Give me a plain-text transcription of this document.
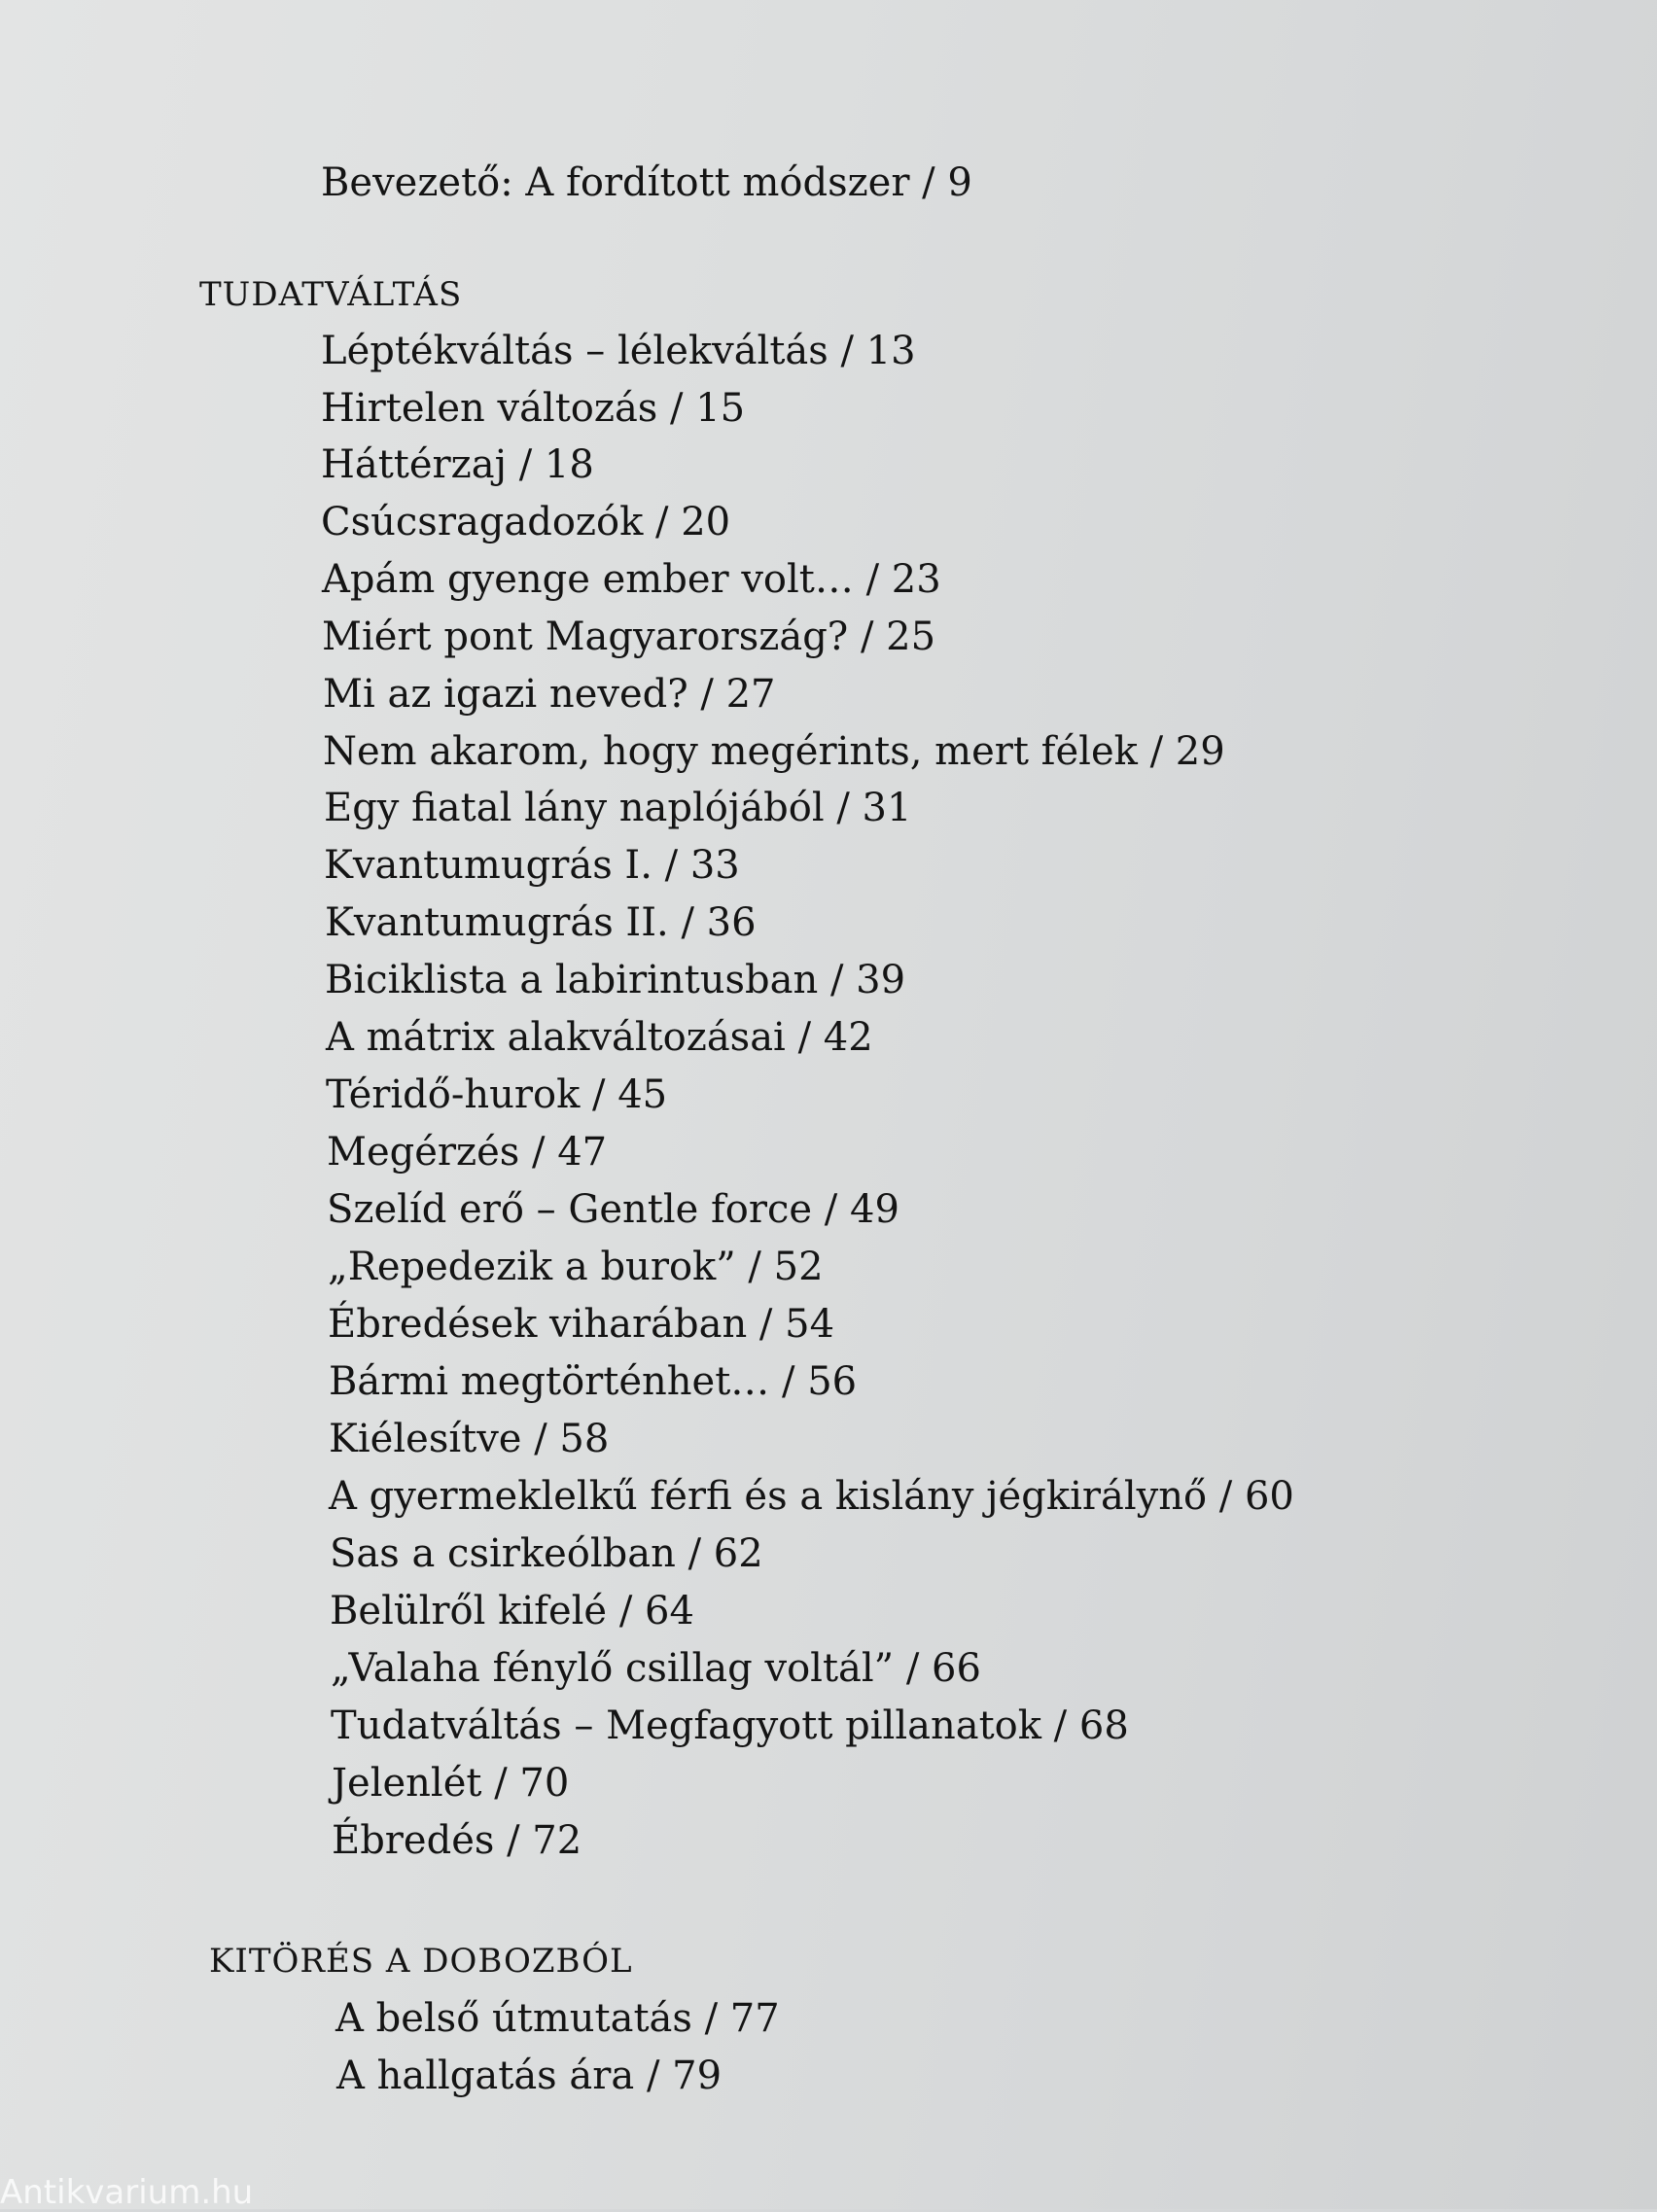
Bevezető: A fordított módszer / 9
TUDATVÁLTÁS
Léptékváltás – lélekváltás / 13
Hirtelen változás / 15
Háttérzaj / 18
Csúcsragadozók / 20
Apám gyenge ember volt… / 23
Miért pont Magyarország? / 25
Mi az igazi neved? / 27
Nem akarom, hogy megérints, mert félek / 29
Egy fiatal lány naplójából / 31
Kvantumugrás I. / 33
Kvantumugrás II. / 36
Biciklista a labirintusban / 39
A mátrix alakváltozásai / 42
Téridő-hurok / 45
Megérzés / 47
Szelíd erő – Gentle force / 49
„Repedezik a burok” / 52
Ébredések viharában / 54
Bármi megtörténhet… / 56
Kiélesítve / 58
A gyermeklelkű férfi és a kislány jégkirálynő / 60
Sas a csirkeólban / 62
Belülről kifelé / 64
„Valaha fénylő csillag voltál” / 66
Tudatváltás – Megfagyott pillanatok / 68
Jelenlét / 70
Ébredés / 72
KITÖRÉS A DOBOZBÓL
A belső útmutatás / 77
A hallgatás ára / 79
Antikvarium.hu
